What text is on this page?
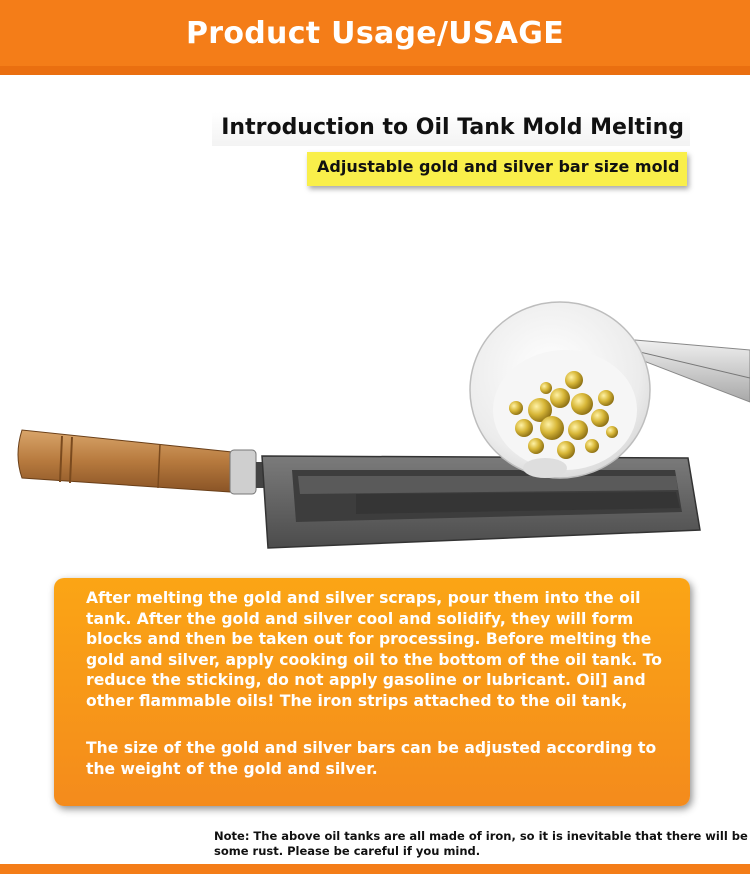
Product Usage/USAGE
Introduction to Oil Tank Mold Melting
Adjustable gold and silver bar size mold
After melting the gold and silver scraps, pour them into the oil tank. After the gold and silver cool and solidify, they will form blocks and then be taken out for processing. Before melting the gold and silver, apply cooking oil to the bottom of the oil tank. To reduce the sticking, do not apply gasoline or lubricant. Oil] and other flammable oils! The iron strips attached to the oil tank,
The size of the gold and silver bars can be adjusted according to the weight of the gold and silver.
Note: The above oil tanks are all made of iron, so it is inevitable that there will be some rust. Please be careful if you mind.
